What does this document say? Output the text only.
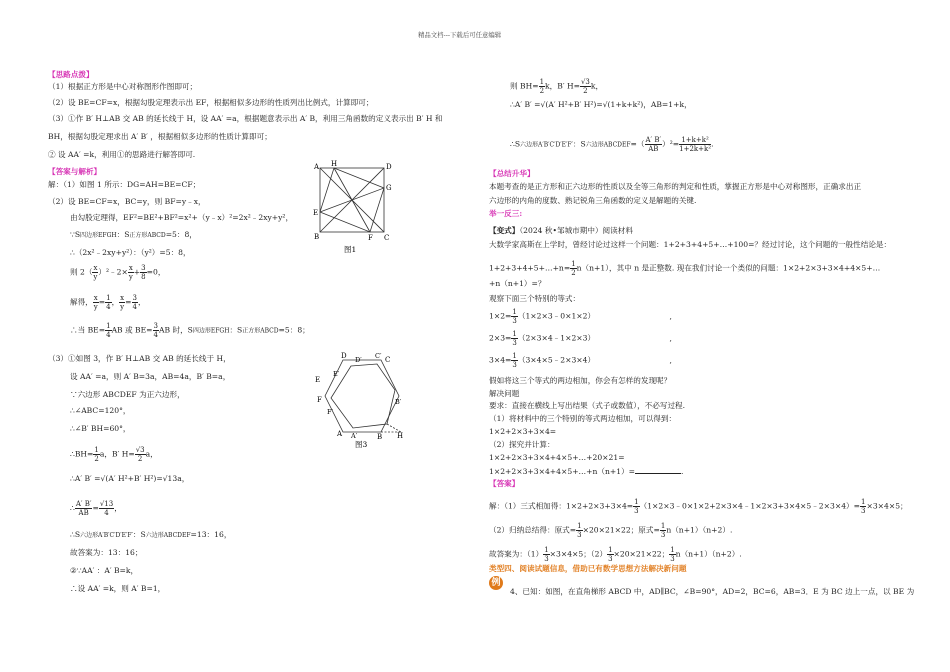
精品文档---下载后可任意编辑
【思路点拨】
（1）根据正方形是中心对称图形作图即可；
（2）设 BE=CF=x，根据勾股定理表示出 EF，根据相似多边形的性质列出比例式，计算即可；
（3）①作 B′ H⊥AB 交 AB 的延长线于 H，设 AA′ =a，根据题意表示出 A′ B，利用三角函数的定义表示出 B′ H 和
BH，根据勾股定理求出 A′ B′ ，根据相似多边形的性质计算即可；
② 设 AA′ =k，利用①的思路进行解答即可.
【答案与解析】
解：（1）如图 1 所示：DG=AH=BE=CF；
（2）设 BE=CF=x，BC=y，则 BF=y﹣x，
由勾股定理得，EF²=BE²+BF²=x²+（y﹣x）²=2x²﹣2xy+y²，
∵S四边形EFGH：S正方形ABCD=5：8，
∴（2x²﹣2xy+y²）：（y²）=5：8，
则 $2( \frac{x}{y}$ ）²﹣2× $\frac{x}{y} + \frac{3}{8} =0$，
解得， $\frac{x}{y} = \frac{1}{4}$ ， $\frac{x}{y} = \frac{3}{4}$ ，
∴当 $BE= \frac{1}{4}$ AB 或 $BE= \frac{3}{4}$ AB 时，S四边形EFGH：S正方形ABCD=5：8；
（3）①如图 3，作 B′ H⊥AB 交 AB 的延长线于 H，
设 AA′ =a，则 A′ B=3a，AB=4a，B′ B=a，
∵六边形 ABCDEF 为正六边形，
∴∠ABC=120°，
∴∠B′ BH=60°，
∴BH= $\frac{1}{2}$ a，B′ $H= \frac{√3}{2}$ a，
∴A′ B′ =√(A′ H²+B′ H²)=√13a，
∴ $\frac{A' B'}{AB} = \frac{√13}{4}$ ，
∴S六边形A′B′C′D′E′F′：S六边形ABCDEF=13：16，
故答案为：13：16；
②∵AA′ ：A′ B=k，
∴设 AA′ =k，则 A′ B=1，
A H	D
G
E
B	F C
图1
D D′ C′ C
E
E′
B′
F
F′
A A′	B H
图3
则 $BH= \frac{1}{2}$ k，B′ $H= \frac{√3}{2}$ k，
∴A′ B′ =√(A′ H²+B′ H²)=√(1+k+k²)，AB=1+k，
∴S六边形A′B′C′D′E′F′：S六边形ABCDEF=（ $\frac{A' B'}{AB} )^2= \frac{\text{1+k+k²}}{\text{1+2k+k²}}$ .
【总结升华】
本题考查的是正方形和正六边形的性质以及全等三角形的判定和性质，掌握正方形是中心对称图形，正确求出正
六边形的内角的度数、熟记锐角三角函数的定义是解题的关键.
举一反三:
【变式】（2024 秋•邹城市期中）阅读材料
大数学家高斯在上学时，曾经讨论过这样一个问题：1+2+3+4+5+…+100=？经过讨论，这个问题的一般性结论是：
1+2+3+4+5+…+n= $\frac{1}{2} n(n+1)$，其中 n 是正整数. 现在我们讨论一个类似的问题：1×2+2×3+3×4+4×5+…
+n（n+1）=？
观察下面三个特别的等式：
$1\times 2= \frac{1}{3}$ （1×2×3﹣0×1×2）	,
$2\times 3= \frac{1}{3}$ （2×3×4﹣1×2×3）	,
$3\times 4= \frac{1}{3}$ （3×4×5﹣2×3×4）	,
假如将这三个等式的两边相加，你会有怎样的发现呢？
解决问题
要求：直接在横线上写出结果（式子或数值），不必写过程.
（1）将材料中的三个特别的等式两边相加，可以得到：
1×2+2×3+3×4=
（2）探究并计算：
1×2+2×3+3×4+4×5+…+20×21=
1×2+2×3+3×4+4×5+…+n（n+1）=	.
【答案】
解：（1）三式相加得：$1\times 2+2\times 3+3\times 4= \frac{1}{3}$ （1×2×3﹣0×1×2+2×3×4﹣1×2×3+3×4×5﹣2×3×4）= $\frac{1}{3} \times 3\times 4\times 5$；
（2）归纳总结得：原式= $\frac{1}{3} \times 20\times 21\times 22$；原式= $\frac{1}{3} n(n+1)(n+2)$.
故答案为：$(1) \frac{1}{3} \times 3\times 4\times 5$；$(2) \frac{1}{3} \times 20\times 21\times 22$； $\frac{1}{3} n(n+1)(n+2)$.
类型四、阅读试题信息，借助已有数学思想方法解决新问题
例
4、已知：如图，在直角梯形 ABCD 中，AD∥BC，∠B=90°，AD=2，BC=6，AB=3．E 为 BC 边上一点，以 BE 为
